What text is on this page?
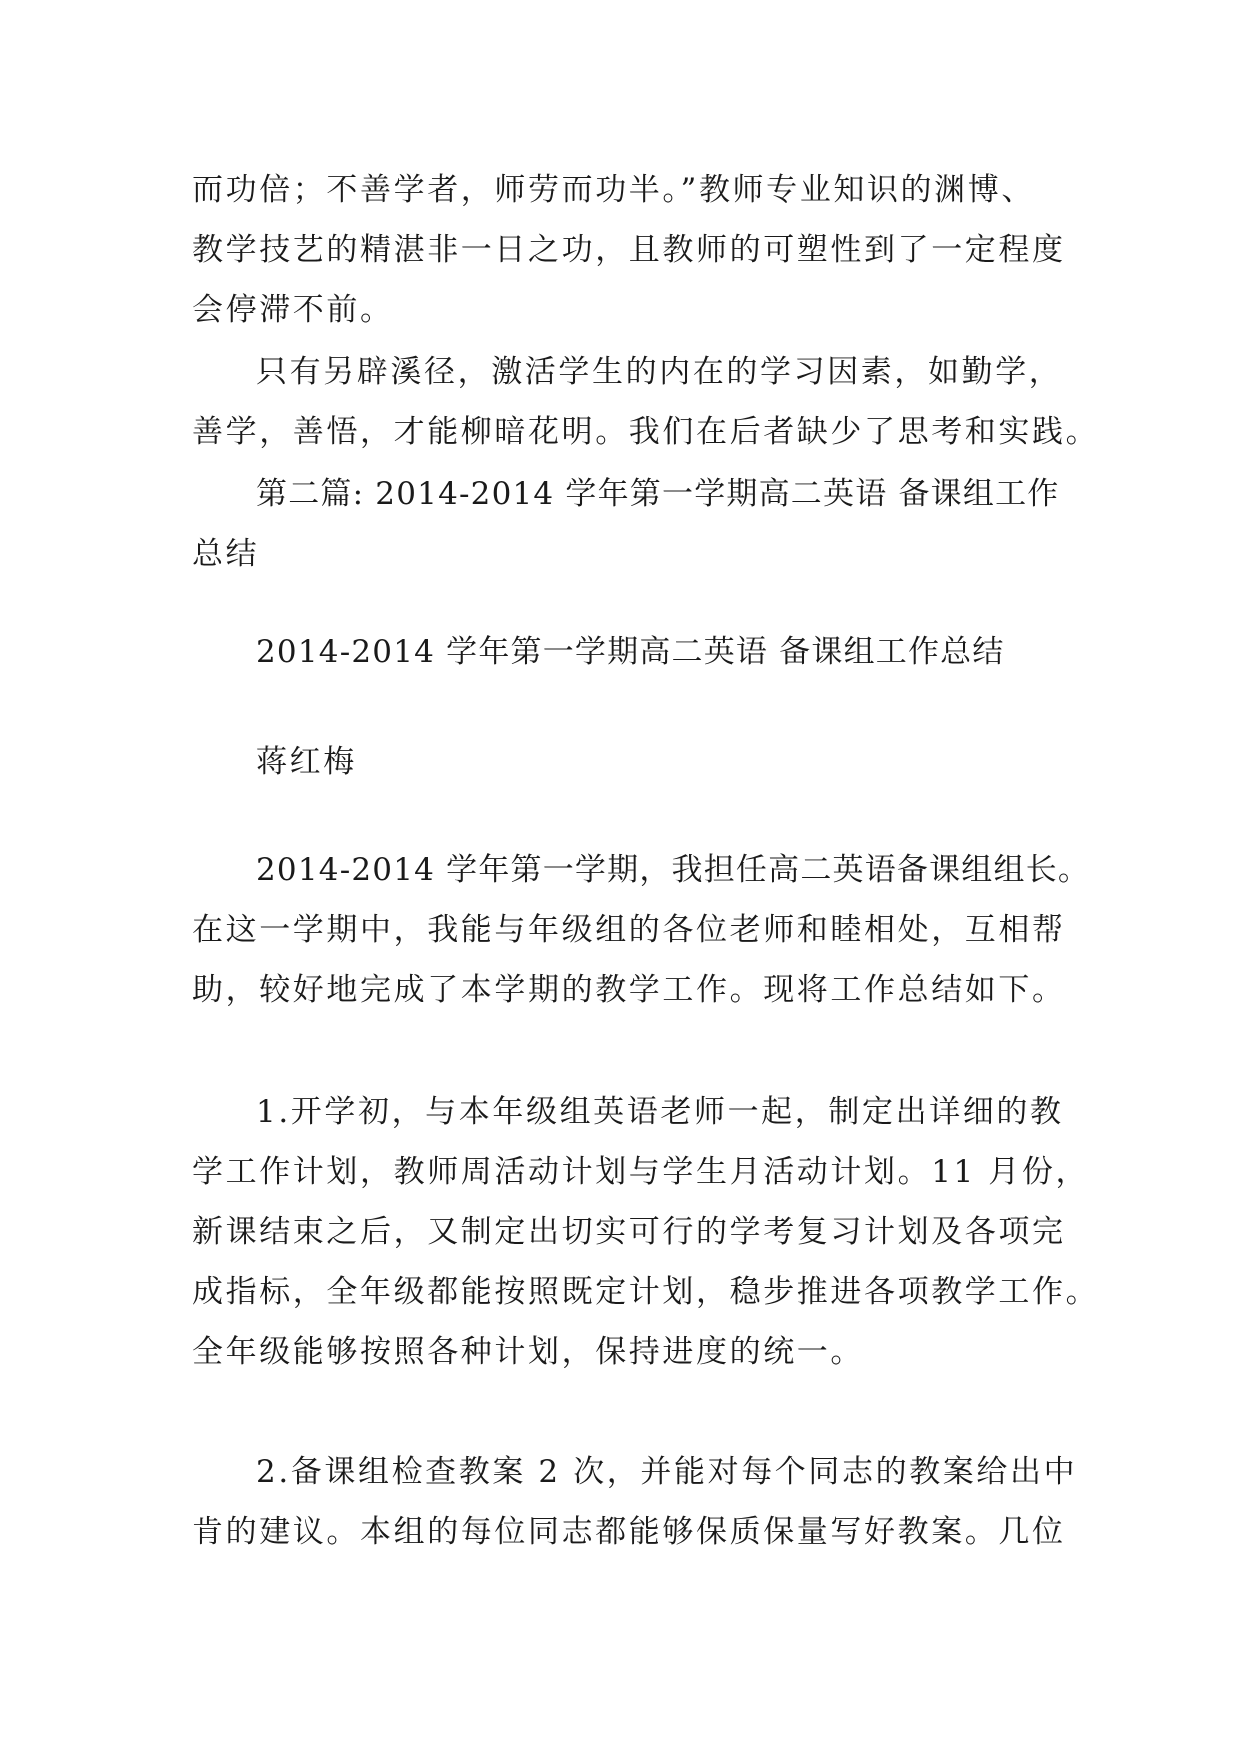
而功倍；不善学者，师劳而功半。”教师专业知识的渊博、

教学技艺的精湛非一日之功，且教师的可塑性到了一定程度

会停滞不前。

只有另辟溪径，激活学生的内在的学习因素，如勤学，

善学，善悟，才能柳暗花明。我们在后者缺少了思考和实践。

第二篇: 2014-2014 学年第一学期高二英语 备课组工作

总结

2014-2014 学年第一学期高二英语 备课组工作总结

蒋红梅

2014-2014 学年第一学期，我担任高二英语备课组组长。

在这一学期中，我能与年级组的各位老师和睦相处，互相帮

助，较好地完成了本学期的教学工作。现将工作总结如下。

1.开学初，与本年级组英语老师一起，制定出详细的教

学工作计划，教师周活动计划与学生月活动计划。11 月份，

新课结束之后，又制定出切实可行的学考复习计划及各项完

成指标，全年级都能按照既定计划，稳步推进各项教学工作。

全年级能够按照各种计划，保持进度的统一。

2.备课组检查教案 2 次，并能对每个同志的教案给出中

肯的建议。本组的每位同志都能够保质保量写好教案。几位
